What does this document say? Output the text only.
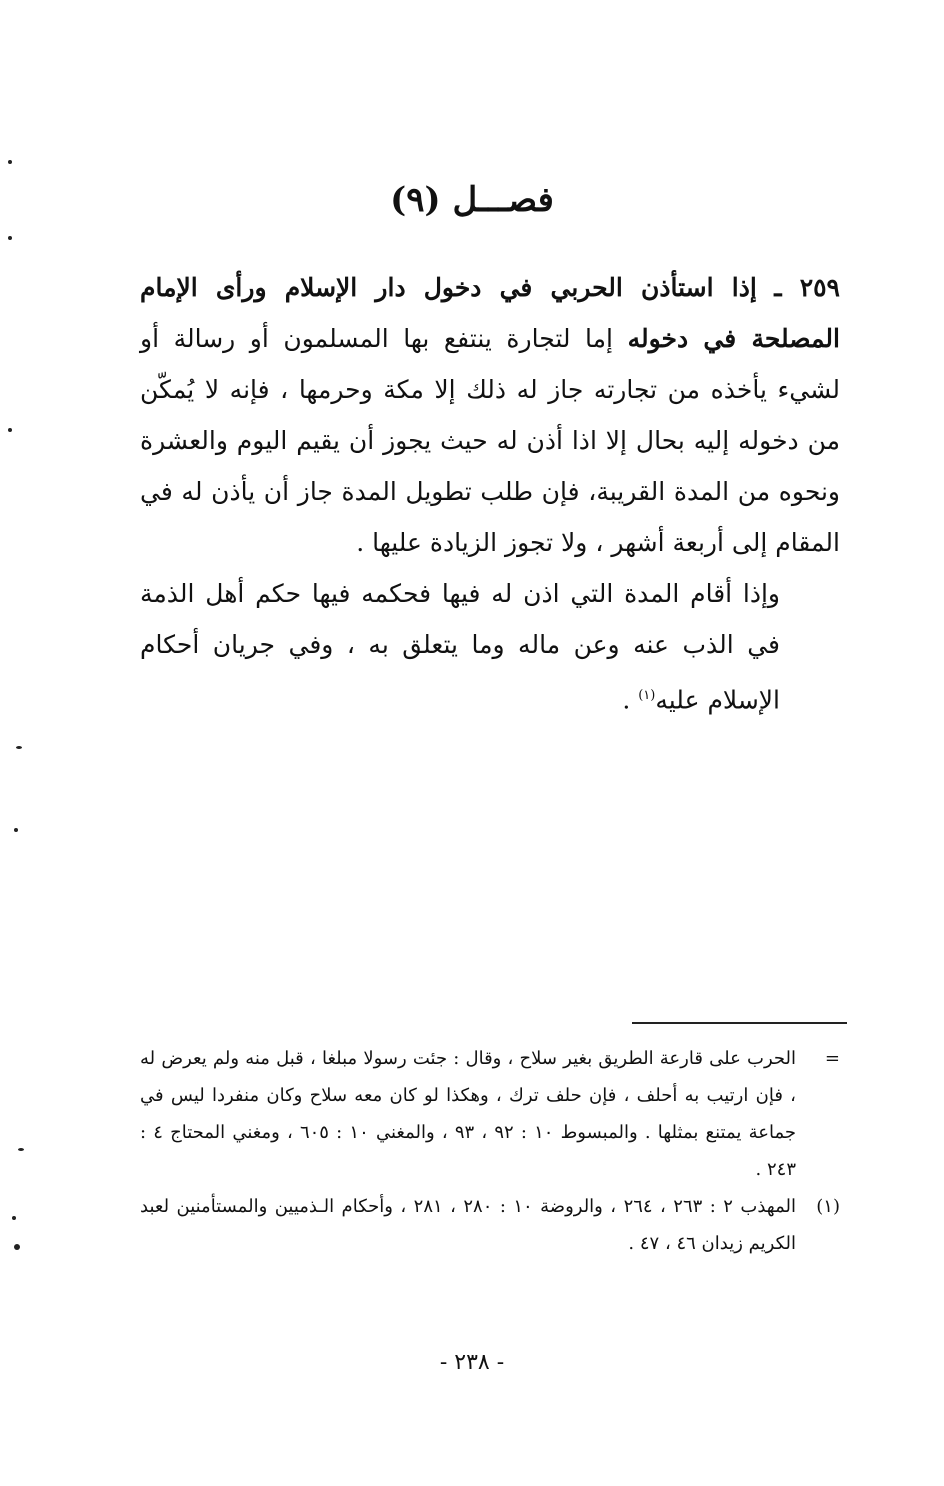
فصـــل (٩)

٢٥٩ ـ إذا استأذن الحربي في دخول دار الإسلام ورأى الإمام المصلحة في دخوله إما لتجارة ينتفع بها المسلمون أو رسالة أو لشيء يأخذه من تجارته جاز له ذلك إلا مكة وحرمها ، فإنه لا يُمكّن من دخوله إليه بحال إلا اذا أذن له حيث يجوز أن يقيم اليوم والعشرة ونحوه من المدة القريبة، فإن طلب تطويل المدة جاز أن يأذن له في المقام إلى أربعة أشهر ، ولا تجوز الزيادة عليها .

وإذا أقام المدة التي اذن له فيها فحكمه فيها حكم أهل الذمة في الذب عنه وعن ماله وما يتعلق به ، وفي جريان أحكام الإسلام عليه$^{(١)}$ .

=
الحرب على قارعة الطريق بغير سلاح ، وقال : جئت رسولا مبلغا ، قبل منه ولم يعرض له ، فإن ارتيب به أحلف ، فإن حلف ترك ، وهكذا لو كان معه سلاح وكان منفردا ليس في جماعة يمتنع بمثلها . والمبسوط ١٠ : ٩٢ ، ٩٣ ، والمغني ١٠ : ٦٠٥ ، ومغني المحتاج ٤ : ٢٤٣ .
(١)
المهذب ٢ : ٢٦٣ ، ٢٦٤ ، والروضة ١٠ : ٢٨٠ ، ٢٨١ ، وأحكام الـذميين والمستأمنين لعبد الكريم زيدان ٤٦ ، ٤٧ .
- ٢٣٨ -
